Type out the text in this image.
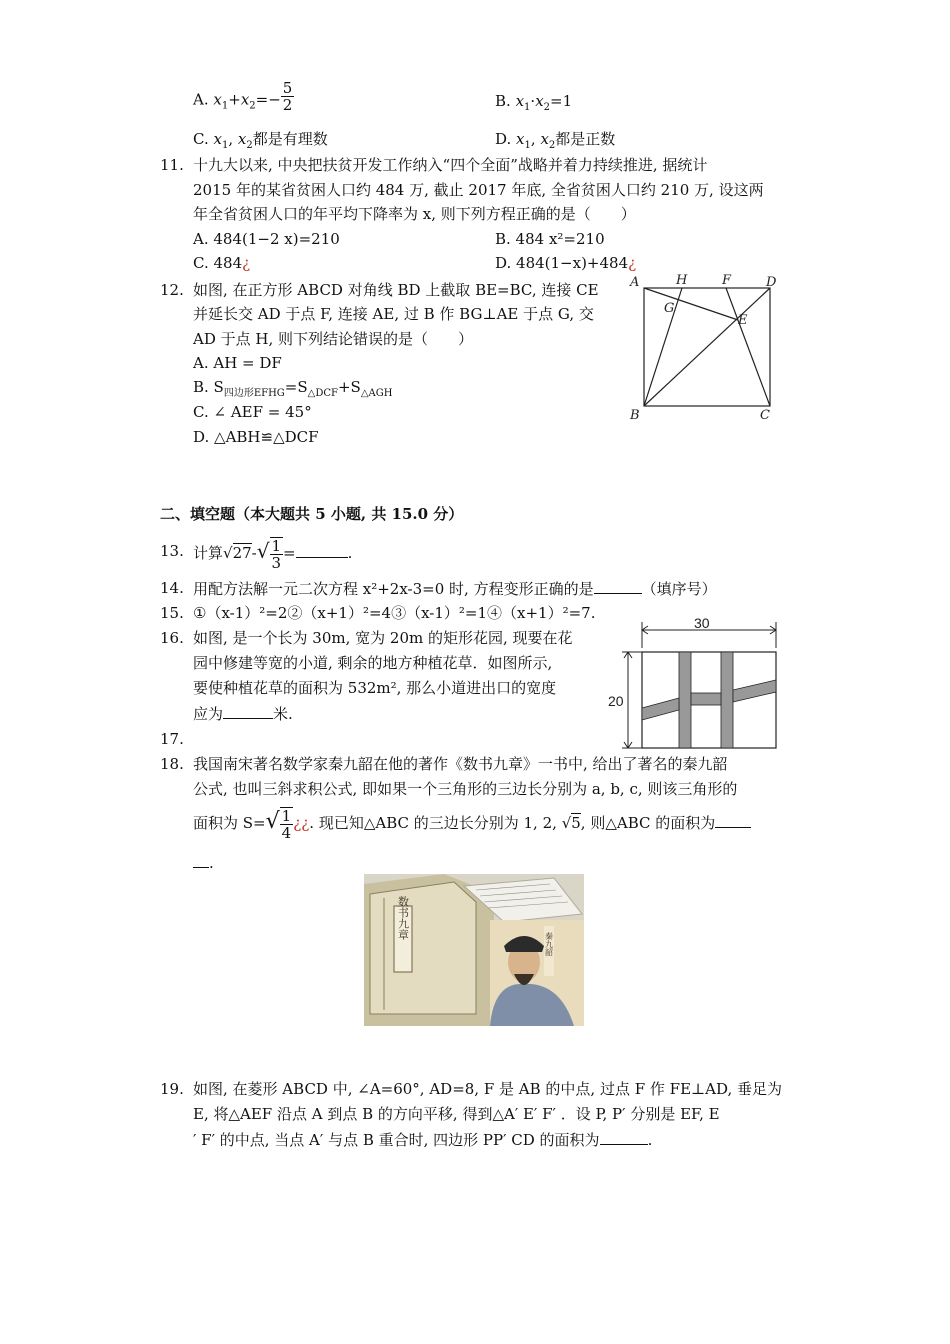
A. $x_1+x_2=- \frac{5}{2}$	B. $x_1\cdot x_2=1$
C. $x_1$, $x_2$都是有理数	D. $x_1$, $x_2$都是正数
11. 十九大以来, 中央把扶贫开发工作纳入“四个全面”战略并着力持续推进, 据统计
2015 年的某省贫困人口约 484 万, 截止 2017 年底, 全省贫困人口约 210 万, 设这两
年全省贫困人口的年平均下降率为 x, 则下列方程正确的是（　　）
A. 484(1−2 x)=210	B. 484 x²=210
C. 484¿	D. 484(1−x)+484¿
12. 如图, 在正方形 ABCD 对角线 BD 上截取 BE=BC, 连接 CE
并延长交 AD 于点 F, 连接 AE, 过 B 作 BG⊥AE 于点 G, 交
AD 于点 H, 则下列结论错误的是（　　）
A. AH = DF
B. $S_{四边形EFHG}=S_{\triangle DCF}+S_{\triangle AGH}$
C. ∠ AEF = 45°
D. △ABH≌△DCF
A	H	F	D
G
E
B	C
二、填空题（本大题共 5 小题, 共 15.0 分）
13. 计算$√27-√ \frac{1}{3}$ =	.
14. 用配方法解一元二次方程 x²+2x-3=0 时, 方程变形正确的是	（填序号）
15. ①（x-1）²=2②（x+1）²=4③（x-1）²=1④（x+1）²=7.
16. 如图, 是一个长为 30m, 宽为 20m 的矩形花园, 现要在花
园中修建等宽的小道, 剩余的地方种植花草．如图所示,
要使种植花草的面积为 532m², 那么小道进出口的宽度
应为	米.
30
20
17.
18. 我国南宋著名数学家秦九韶在他的著作《数书九章》一书中, 给出了著名的秦九韶
公式, 也叫三斜求积公式, 即如果一个三角形的三边长分别为 a, b, c, 则该三角形的
面积为 $S=√ \frac{1}{4}$ ¿¿. 现已知△ABC 的三边长分别为 1, 2, √5, 则△ABC 的面积为
.
数书九章
秦九韶
19. 如图, 在菱形 ABCD 中, ∠A=60°, AD=8, F 是 AB 的中点, 过点 F 作 FE⊥AD, 垂足为
E, 将△AEF 沿点 A 到点 B 的方向平移, 得到△A′ E′ F′ ．设 P, P′ 分别是 EF, E
′ F′ 的中点, 当点 A′ 与点 B 重合时, 四边形 PP′ CD 的面积为	.
